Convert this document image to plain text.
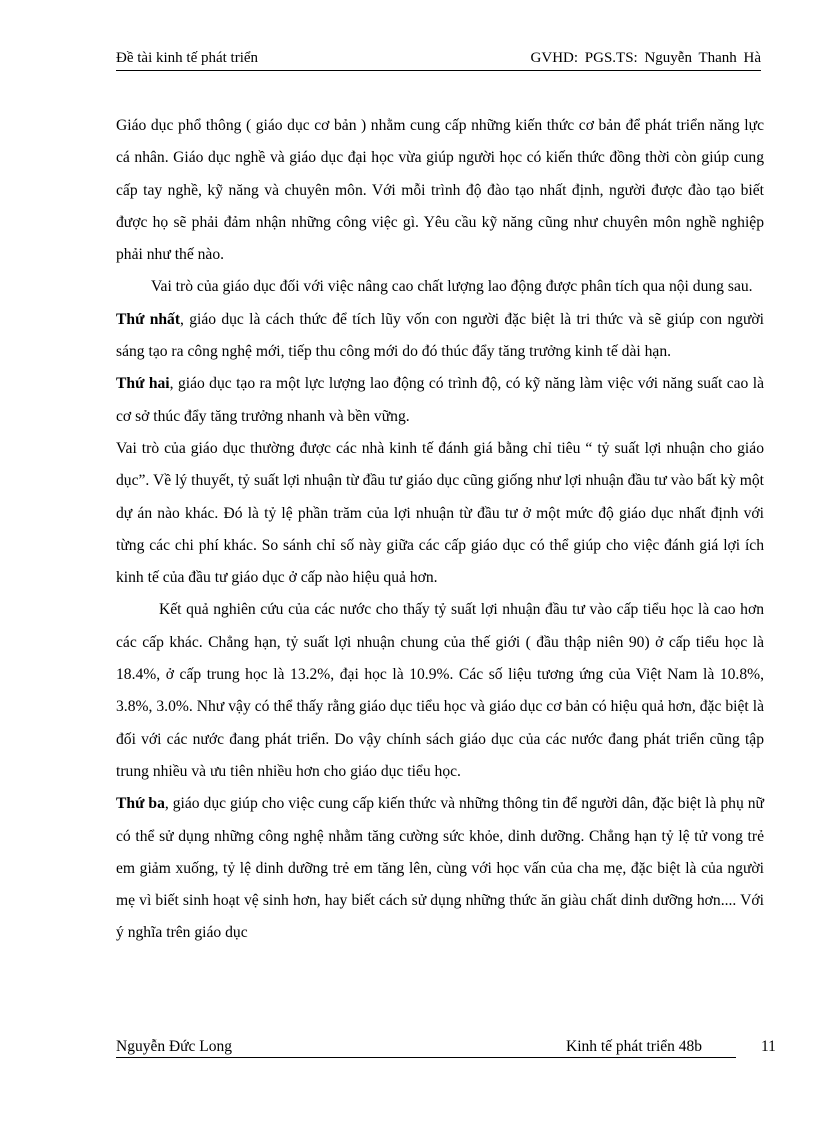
Đề tài kinh tế phát triển	GVHD: PGS.TS: Nguyễn Thanh Hà

Giáo dục phổ thông ( giáo dục cơ bản ) nhằm cung cấp những kiến thức cơ bản để phát triển năng lực cá nhân. Giáo dục nghề và giáo dục đại học vừa giúp người học có kiến thức đồng thời còn giúp cung cấp tay nghề, kỹ năng và chuyên môn. Với mỗi trình độ đào tạo nhất định, người được đào tạo biết được họ sẽ phải đảm nhận những công việc gì. Yêu cầu kỹ năng cũng như chuyên môn nghề nghiệp phải như thế nào.

Vai trò của giáo dục đối với việc nâng cao chất lượng lao động được phân tích qua nội dung sau.

Thứ nhất, giáo dục là cách thức để tích lũy vốn con người đặc biệt là tri thức và sẽ giúp con người sáng tạo ra công nghệ mới, tiếp thu công mới do đó thúc đẩy tăng trưởng kinh tế dài hạn.

Thứ hai, giáo dục tạo ra một lực lượng lao động có trình độ, có kỹ năng làm việc với năng suất cao là cơ sở thúc đẩy tăng trưởng nhanh và bền vững.

Vai trò của giáo dục thường được các nhà kinh tế đánh giá bằng chỉ tiêu “ tỷ suất lợi nhuận cho giáo dục”. Về lý thuyết, tỷ suất lợi nhuận từ đầu tư giáo dục cũng giống như lợi nhuận đầu tư vào bất kỳ một dự án nào khác. Đó là tỷ lệ phần trăm của lợi nhuận từ đầu tư ở một mức độ giáo dục nhất định với từng các chi phí khác. So sánh chỉ số này giữa các cấp giáo dục có thể giúp cho việc đánh giá lợi ích kinh tế của đầu tư giáo dục ở cấp nào hiệu quả hơn.

Kết quả nghiên cứu của các nước cho thấy tỷ suất lợi nhuận đầu tư vào cấp tiểu học là cao hơn các cấp khác. Chẳng hạn, tỷ suất lợi nhuận chung của thế giới ( đầu thập niên 90) ở cấp tiểu học là 18.4%, ở cấp trung học là 13.2%, đại học là 10.9%. Các số liệu tương ứng của Việt Nam là 10.8%, 3.8%, 3.0%. Như vậy có thể thấy rằng giáo dục tiểu học và giáo dục cơ bản có hiệu quả hơn, đặc biệt là đối với các nước đang phát triển. Do vậy chính sách giáo dục của các nước đang phát triển cũng tập trung nhiều và ưu tiên nhiều hơn cho giáo dục tiểu học.

Thứ ba, giáo dục giúp cho việc cung cấp kiến thức và những thông tin để người dân, đặc biệt là phụ nữ có thể sử dụng những công nghệ nhằm tăng cường sức khỏe, dinh dưỡng. Chẳng hạn tỷ lệ tử vong trẻ em giảm xuống, tỷ lệ dinh dưỡng trẻ em tăng lên, cùng với học vấn của cha mẹ, đặc biệt là của người mẹ vì biết sinh hoạt vệ sinh hơn, hay biết cách sử dụng những thức ăn giàu chất dinh dưỡng hơn.... Với ý nghĩa trên giáo dục

Nguyễn Đức Long	Kinh tế phát triển 48b	11
